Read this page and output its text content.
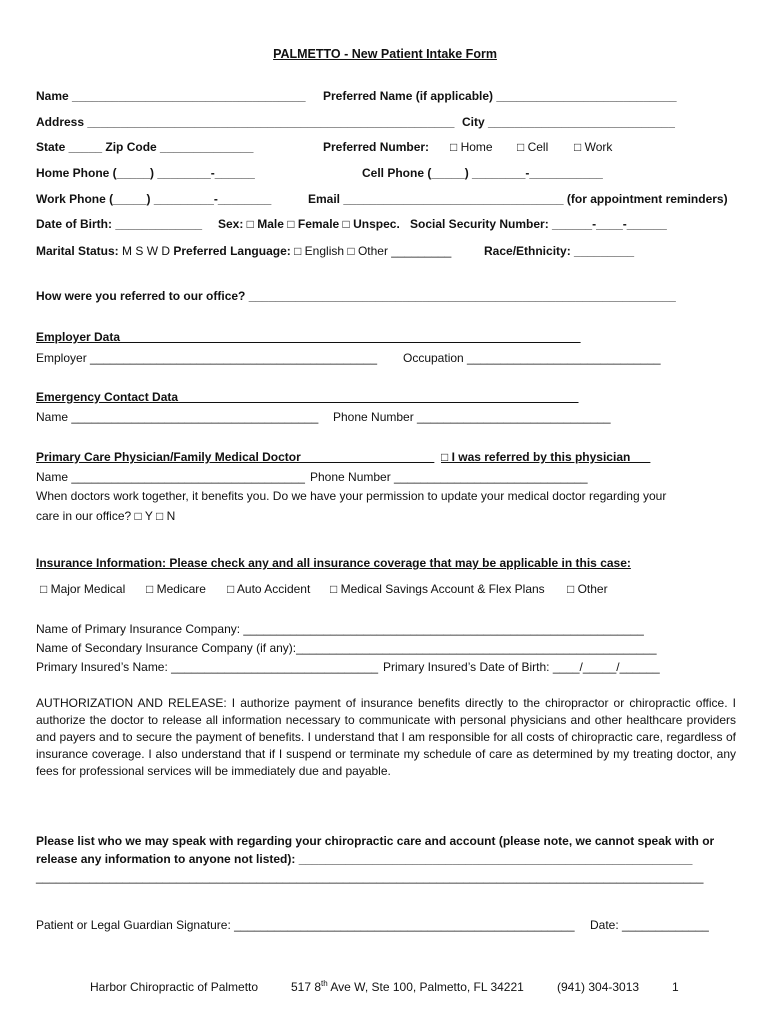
PALMETTO - New Patient Intake Form
Name ___________________________________ Preferred Name (if applicable) ___________________________
Address _______________________________________________________ City ____________________________
State _____ Zip Code ______________	Preferred Number: □ Home □ Cell □ Work
Home Phone (_____) ________-______	Cell Phone (_____) ________-___________
Work Phone (_____) _________-________	Email _________________________________ (for appointment reminders)
Date of Birth: _____________ Sex: □ Male □ Female □ Unspec. Social Security Number: ______-____-______
Marital Status: M S W D Preferred Language: □ English □ Other _________	Race/Ethnicity: _________
How were you referred to our office? ________________________________________________________________
Employer Data_____________________________________________________________________
Employer ___________________________________________ Occupation _____________________________
Emergency Contact Data____________________________________________________________
Name _____________________________________ Phone Number _____________________________
Primary Care Physician/Family Medical Doctor____________________ □ I was referred by this physician___
Name ___________________________________ Phone Number _____________________________
When doctors work together, it benefits you. Do we have your permission to update your medical doctor regarding your
care in our office? □ Y □ N
Insurance Information: Please check any and all insurance coverage that may be applicable in this case:
□ Major Medical □ Medicare □ Auto Accident □ Medical Savings Account & Flex Plans □ Other
Name of Primary Insurance Company: ____________________________________________________________
Name of Secondary Insurance Company (if any):______________________________________________________
Primary Insured’s Name: _______________________________ Primary Insured’s Date of Birth: ____/_____/______
AUTHORIZATION AND RELEASE: I authorize payment of insurance benefits directly to the chiropractor or chiropractic office. I authorize the doctor to release all information necessary to communicate with personal physicians and other healthcare providers and payers and to secure the payment of benefits. I understand that I am responsible for all costs of chiropractic care, regardless of insurance coverage. I also understand that if I suspend or terminate my schedule of care as determined by my treating doctor, any fees for professional services will be immediately due and payable.
Please list who we may speak with regarding your chiropractic care and account (please note, we cannot speak with or
release any information to anyone not listed): ___________________________________________________________
____________________________________________________________________________________________________
Patient or Legal Guardian Signature: ___________________________________________________ Date: _____________
Harbor Chiropractic of Palmetto	517 8th Ave W, Ste 100, Palmetto, FL 34221	(941) 304-3013	1
